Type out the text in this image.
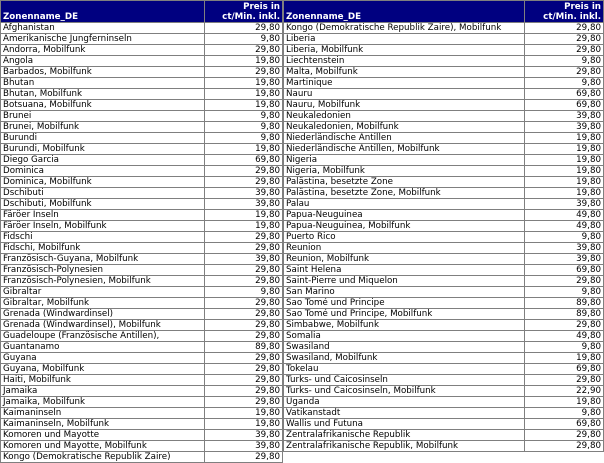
Zonenname_DE	Preis in
ct/Min. inkl.
Afghanistan	29,80
Amerikanische Jungferninseln	9,80
Andorra, Mobilfunk	29,80
Angola	19,80
Barbados, Mobilfunk	29,80
Bhutan	19,80
Bhutan, Mobilfunk	19,80
Botsuana, Mobilfunk	19,80
Brunei	9,80
Brunei, Mobilfunk	9,80
Burundi	9,80
Burundi, Mobilfunk	19,80
Diego Garcia	69,80
Dominica	29,80
Dominica, Mobilfunk	29,80
Dschibuti	39,80
Dschibuti, Mobilfunk	39,80
Färöer Inseln	19,80
Färöer Inseln, Mobilfunk	19,80
Fidschi	29,80
Fidschi, Mobilfunk	29,80
Französisch-Guyana, Mobilfunk	39,80
Französisch-Polynesien	29,80
Französisch-Polynesien, Mobilfunk	29,80
Gibraltar	9,80
Gibraltar, Mobilfunk	29,80
Grenada (Windwardinsel)	29,80
Grenada (Windwardinsel), Mobilfunk	29,80
Guadeloupe (Französische Antillen),	29,80
Guantanamo	89,80
Guyana	29,80
Guyana, Mobilfunk	29,80
Haiti, Mobilfunk	29,80
Jamaika	29,80
Jamaika, Mobilfunk	29,80
Kaimaninseln	19,80
Kaimaninseln, Mobilfunk	19,80
Komoren und Mayotte	39,80
Komoren und Mayotte, Mobilfunk	39,80
Kongo (Demokratische Republik Zaire)	29,80
Zonenname_DE	Preis in
ct/Min. inkl.
Kongo (Demokratische Republik Zaire), Mobilfunk	29,80
Liberia	29,80
Liberia, Mobilfunk	29,80
Liechtenstein	9,80
Malta, Mobilfunk	29,80
Martinique	9,80
Nauru	69,80
Nauru, Mobilfunk	69,80
Neukaledonien	39,80
Neukaledonien, Mobilfunk	39,80
Niederländische Antillen	19,80
Niederländische Antillen, Mobilfunk	19,80
Nigeria	19,80
Nigeria, Mobilfunk	19,80
Palästina, besetzte Zone	19,80
Palästina, besetzte Zone, Mobilfunk	19,80
Palau	39,80
Papua-Neuguinea	49,80
Papua-Neuguinea, Mobilfunk	49,80
Puerto Rico	9,80
Reunion	39,80
Reunion, Mobilfunk	39,80
Saint Helena	69,80
Saint-Pierre und Miquelon	29,80
San Marino	9,80
Sao Tomé und Principe	89,80
Sao Tomé und Principe, Mobilfunk	89,80
Simbabwe, Mobilfunk	29,80
Somalia	49,80
Swasiland	9,80
Swasiland, Mobilfunk	19,80
Tokelau	69,80
Turks- und Caicosinseln	29,80
Turks- und Caicosinseln, Mobilfunk	22,90
Uganda	19,80
Vatikanstadt	9,80
Wallis und Futuna	69,80
Zentralafrikanische Republik	29,80
Zentralafrikanische Republik, Mobilfunk	29,80
